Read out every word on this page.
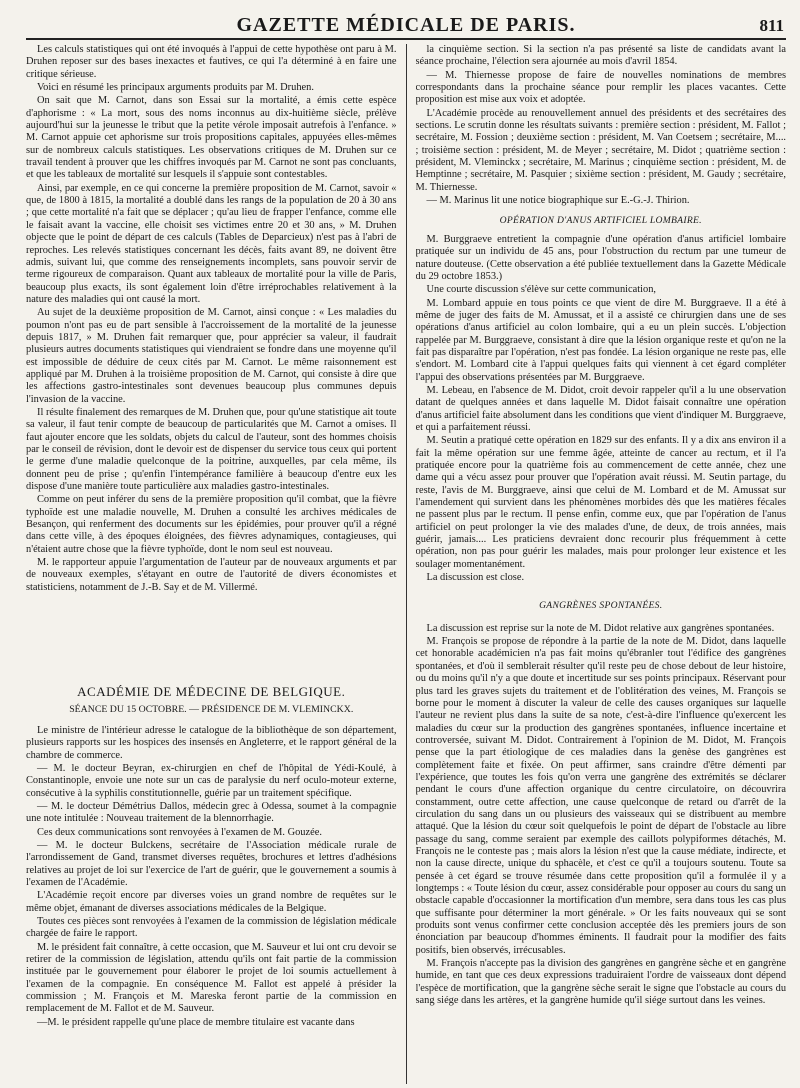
GAZETTE MÉDICALE DE PARIS.	811

Les calculs statistiques qui ont été invoqués à l'appui de cette hypothèse ont paru à M. Druhen reposer sur des bases inexactes et fautives, ce qui l'a déterminé à en faire une critique sérieuse.

Voici en résumé les principaux arguments produits par M. Druhen.

On sait que M. Carnot, dans son Essai sur la mortalité, a émis cette espèce d'aphorisme : « La mort, sous des noms inconnus au dix-huitième siècle, prélève aujourd'hui sur la jeunesse le tribut que la petite vérole imposait autrefois à l'enfance. » M. Carnot appuie cet aphorisme sur trois propositions capitales, appuyées elles-mêmes sur de nombreux calculs statistiques. Les observations critiques de M. Druhen sur ce travail tendent à prouver que les chiffres invoqués par M. Carnot ne sont pas concluants, et que les tableaux de mortalité sur lesquels il s'appuie sont contestables.

Ainsi, par exemple, en ce qui concerne la première proposition de M. Carnot, savoir « que, de 1800 à 1815, la mortalité a doublé dans les rangs de la population de 20 à 30 ans ; que cette mortalité n'a fait que se déplacer ; qu'au lieu de frapper l'enfance, comme elle le faisait avant la vaccine, elle choisit ses victimes entre 20 et 30 ans, » M. Druhen objecte que le point de départ de ces calculs (Tables de Deparcieux) n'est pas à l'abri de reproches. Les relevés statistiques concernant les décès, faits avant 89, ne doivent être admis, suivant lui, que comme des renseignements incomplets, sans pouvoir servir de terme rigoureux de comparaison. Quant aux tableaux de mortalité pour la ville de Paris, beaucoup plus exacts, ils sont également loin d'être irréprochables relativement à la nature des maladies qui ont causé la mort.

Au sujet de la deuxième proposition de M. Carnot, ainsi conçue : « Les maladies du poumon n'ont pas eu de part sensible à l'accroissement de la mortalité de la jeunesse depuis 1817, » M. Druhen fait remarquer que, pour apprécier sa valeur, il faudrait plusieurs autres documents statistiques qui viendraient se fondre dans une moyenne qu'il est impossible de déduire de ceux cités par M. Carnot. Le même raisonnement est appliqué par M. Druhen à la troisième proposition de M. Carnot, qui consiste à dire que les affections gastro-intestinales sont devenues beaucoup plus communes depuis l'invasion de la vaccine.

Il résulte finalement des remarques de M. Druhen que, pour qu'une statistique ait toute sa valeur, il faut tenir compte de beaucoup de particularités que M. Carnot a omises. Il faut ajouter encore que les soldats, objets du calcul de l'auteur, sont des hommes choisis par le conseil de révision, dont le devoir est de dispenser du service tous ceux qui portent le germe d'une maladie quelconque de la poitrine, auxquelles, par cela même, ils donnent peu de prise ; qu'enfin l'intempérance familière à beaucoup d'entre eux les dispose d'une manière toute particulière aux maladies gastro-intestinales.

Comme on peut inférer du sens de la première proposition qu'il combat, que la fièvre typhoïde est une maladie nouvelle, M. Druhen a consulté les archives médicales de Besançon, qui renferment des documents sur les épidémies, pour prouver qu'il a régné dans cette ville, à des époques éloignées, des fièvres adynamiques, contagieuses, qui n'étaient autre chose que la fièvre typhoïde, dont le nom seul est nouveau.

M. le rapporteur appuie l'argumentation de l'auteur par de nouveaux arguments et par de nouveaux exemples, s'étayant en outre de l'autorité de divers économistes et statisticiens, notamment de J.-B. Say et de M. Villermé.

ACADÉMIE DE MÉDECINE DE BELGIQUE.
SÉANCE DU 15 OCTOBRE. — PRÉSIDENCE DE M. VLEMINCKX.

Le ministre de l'intérieur adresse le catalogue de la bibliothèque de son département, plusieurs rapports sur les hospices des insensés en Angleterre, et le rapport général de la chambre de commerce.

— M. le docteur Beyran, ex-chirurgien en chef de l'hôpital de Yédi-Koulé, à Constantinople, envoie une note sur un cas de paralysie du nerf oculo-moteur externe, consécutive à la syphilis constitutionnelle, guérie par un traitement spécifique.

— M. le docteur Démétrius Dallos, médecin grec à Odessa, soumet à la compagnie une note intitulée : Nouveau traitement de la blennorrhagie.

Ces deux communications sont renvoyées à l'examen de M. Gouzée.

— M. le docteur Bulckens, secrétaire de l'Association médicale rurale de l'arrondissement de Gand, transmet diverses requêtes, brochures et lettres d'adhésions relatives au projet de loi sur l'exercice de l'art de guérir, que le gouvernement a soumis à l'examen de l'Académie.

L'Académie reçoit encore par diverses voies un grand nombre de requêtes sur le même objet, émanant de diverses associations médicales de la Belgique.

Toutes ces pièces sont renvoyées à l'examen de la commission de législation médicale chargée de faire le rapport.

M. le président fait connaître, à cette occasion, que M. Sauveur et lui ont cru devoir se retirer de la commission de législation, attendu qu'ils ont fait partie de la commission instituée par le gouvernement pour élaborer le projet de loi soumis actuellement à l'examen de la compagnie. En conséquence M. Fallot est appelé à présider la commission ; M. François et M. Mareska feront partie de la commission en remplacement de M. Fallot et de M. Sauveur.

—M. le président rappelle qu'une place de membre titulaire est vacante dans

la cinquième section. Si la section n'a pas présenté sa liste de candidats avant la séance prochaine, l'élection sera ajournée au mois d'avril 1854.

— M. Thiernesse propose de faire de nouvelles nominations de membres correspondants dans la prochaine séance pour remplir les places vacantes. Cette proposition est mise aux voix et adoptée.

L'Académie procède au renouvellement annuel des présidents et des secrétaires des sections. Le scrutin donne les résultats suivants : première section : président, M. Fallot ; secrétaire, M. Fossion ; deuxième section : président, M. Van Coetsem ; secrétaire, M.... ; troisième section : président, M. de Meyer ; secrétaire, M. Didot ; quatrième section : président, M. Vleminckx ; secrétaire, M. Marinus ; cinquième section : président, M. de Hemptinne ; secrétaire, M. Pasquier ; sixième section : président, M. Gaudy ; secrétaire, M. Thiernesse.

— M. Marinus lit une notice biographique sur E.-G.-J. Thirion.

OPÉRATION D'ANUS ARTIFICIEL LOMBAIRE.

M. Burggraeve entretient la compagnie d'une opération d'anus artificiel lombaire pratiquée sur un individu de 45 ans, pour l'obstruction du rectum par une tumeur de nature douteuse. (Cette observation a été publiée textuellement dans la Gazette Médicale du 29 octobre 1853.)

Une courte discussion s'élève sur cette communication,

M. Lombard appuie en tous points ce que vient de dire M. Burggraeve. Il a été à même de juger des faits de M. Amussat, et il a assisté ce chirurgien dans une de ses opérations d'anus artificiel au colon lombaire, qui a eu un plein succès. L'objection rappelée par M. Burggraeve, consistant à dire que la lésion organique reste et qu'on ne la fait pas disparaître par l'opération, n'est pas fondée. La lésion organique ne reste pas, elle s'endort. M. Lombard cite à l'appui quelques faits qui viennent à cet égard compléter l'appui des observations présentées par M. Burggraeve.

M. Lebeau, en l'absence de M. Didot, croit devoir rappeler qu'il a lu une observation datant de quelques années et dans laquelle M. Didot faisait connaître une opération d'anus artificiel faite absolument dans les conditions que vient d'indiquer M. Burggraeve, et qui a parfaitement réussi.

M. Seutin a pratiqué cette opération en 1829 sur des enfants. Il y a dix ans environ il a fait la même opération sur une femme âgée, atteinte de cancer au rectum, et il l'a pratiquée encore pour la quatrième fois au commencement de cette année, chez une dame qui a vécu assez pour prouver que l'opération avait réussi. M. Seutin partage, du reste, l'avis de M. Burggraeve, ainsi que celui de M. Lombard et de M. Amussat sur l'amendement qui survient dans les phénomènes morbides dès que les matières fécales ne passent plus par le rectum. Il pense enfin, comme eux, que par l'opération de l'anus artificiel on peut prolonger la vie des malades d'une, de deux, de trois années, mais guérir, jamais.... Les praticiens devraient donc recourir plus fréquemment à cette opération, non pas pour guérir les malades, mais pour prolonger leur existence et les soulager momentanément.

La discussion est close.

GANGRÈNES SPONTANÉES.

La discussion est reprise sur la note de M. Didot relative aux gangrènes spontanées.

M. François se propose de répondre à la partie de la note de M. Didot, dans laquelle cet honorable académicien n'a pas fait moins qu'ébranler tout l'édifice des gangrènes spontanées, et d'où il semblerait résulter qu'il reste peu de chose debout de leur histoire, ou du moins qu'il n'y a que doute et incertitude sur ses points principaux. Réservant pour plus tard les graves sujets du traitement et de l'oblitération des veines, M. François se borne pour le moment à discuter la valeur de celle des causes organiques sur laquelle l'auteur ne revient plus dans la suite de sa note, c'est-à-dire l'influence qu'exercent les maladies du cœur sur la production des gangrènes spontanées, influence incertaine et controversée, suivant M. Didot. Contrairement à l'opinion de M. Didot, M. François pense que la part étiologique de ces maladies dans la genèse des gangrènes est complètement faite et fixée. On peut affirmer, sans craindre d'être démenti par l'expérience, que toutes les fois qu'on verra une gangrène des extrémités se déclarer pendant le cours d'une affection organique du centre circulatoire, on découvrira constamment, outre cette affection, une cause quelconque de retard ou d'arrêt de la circulation du sang dans un ou plusieurs des vaisseaux qui se distribuent au membre attaqué. Que la lésion du cœur soit quelquefois le point de départ de l'obstacle au libre passage du sang, comme seraient par exemple des caillots polypiformes détachés, M. François ne le conteste pas ; mais alors la lésion n'est que la cause médiate, indirecte, et non la cause directe, unique du sphacèle, et c'est ce qu'il a toujours soutenu. Toute sa pensée à cet égard se trouve résumée dans cette proposition qu'il a formulée il y a longtemps : « Toute lésion du cœur, assez considérable pour opposer au cours du sang un obstacle capable d'occasionner la mortification d'un membre, sera dans tous les cas plus que suffisante pour déterminer la mort générale. » Or les faits nouveaux qui se sont produits sont venus confirmer cette conclusion acceptée dès les premiers jours de son énonciation par beaucoup d'hommes éminents. Il faudrait pour la modifier des faits positifs, bien observés, irrécusables.

M. François n'accepte pas la division des gangrènes en gangrène sèche et en gangrène humide, en tant que ces deux expressions traduiraient l'ordre de vaisseaux dont dépend l'espèce de mortification, que la gangrène sèche serait le signe que l'obstacle au cours du sang siége dans les artères, et la gangrène humide qu'il siége surtout dans les veines.
